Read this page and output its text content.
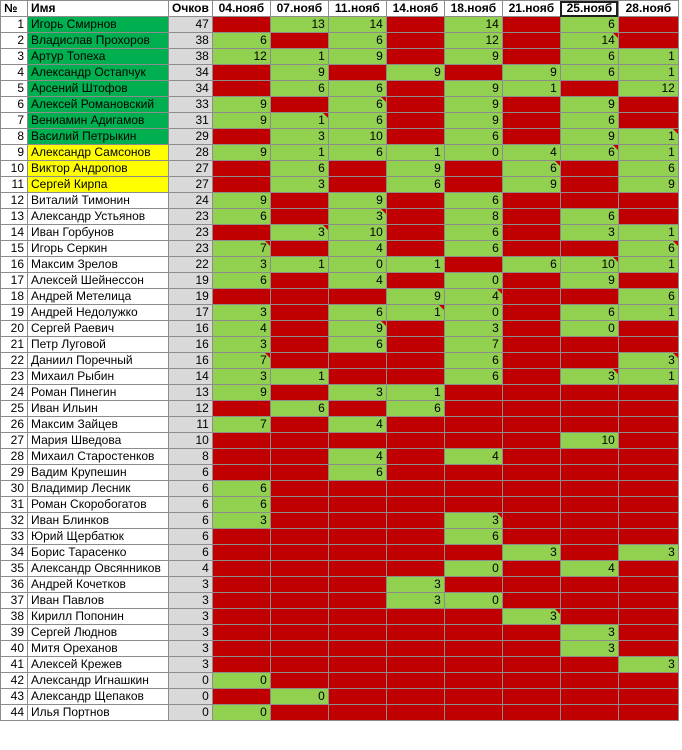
№	Имя	Очков	04.нояб	07.нояб	11.нояб	14.нояб	18.нояб	21.нояб	25.нояб	28.нояб
1	Игорь Смирнов	47		13	14		14		6	
2	Владислав Прохоров	38	6		6		12		14	
3	Артур Топеха	38	12	1	9		9		6	1
4	Александр Остапчук	34		9		9		9	6	1
5	Арсений Штофов	34		6	6		9	1		12
6	Алексей Романовский	33	9		6		9		9	
7	Вениамин Адигамов	31	9	1	6		9		6	
8	Василий Петрыкин	29		3	10		6		9	1
9	Александр Самсонов	28	9	1	6	1	0	4	6	1
10	Виктор Андропов	27		6		9		6		6
11	Сергей Кирпа	27		3		6		9		9
12	Виталий Тимонин	24	9		9		6			
13	Александр Устьянов	23	6		3		8		6	
14	Иван Горбунов	23		3	10		6		3	1
15	Игорь Серкин	23	7		4		6			6
16	Максим Зрелов	22	3	1	0	1		6	10	1
17	Алексей Шейнессон	19	6		4		0		9	
18	Андрей Метелица	19				9	4			6
19	Андрей Недолужко	17	3		6	1	0		6	1
20	Сергей Раевич	16	4		9		3		0	
21	Петр Луговой	16	3		6		7			
22	Даниил Поречный	16	7				6			3
23	Михаил Рыбин	14	3	1			6		3	1
24	Роман Пинегин	13	9		3	1				
25	Иван Ильин	12		6		6				
26	Максим Зайцев	11	7		4					
27	Мария Шведова	10							10	
28	Михаил Старостенков	8			4		4			
29	Вадим Крупешин	6			6					
30	Владимир Лесник	6	6							
31	Роман Скоробогатов	6	6							
32	Иван Блинков	6	3				3			
33	Юрий Щербатюк	6					6			
34	Борис Тарасенко	6						3		3
35	Александр Овсянников	4					0		4	
36	Андрей Кочетков	3				3				
37	Иван Павлов	3				3	0			
38	Кирилл Попонин	3						3		
39	Сергей Люднов	3							3	
40	Митя Ореханов	3							3	
41	Алексей Крежев	3								3
42	Александр Игнашкин	0	0							
43	Александр Щепаков	0		0						
44	Илья Портнов	0	0							
